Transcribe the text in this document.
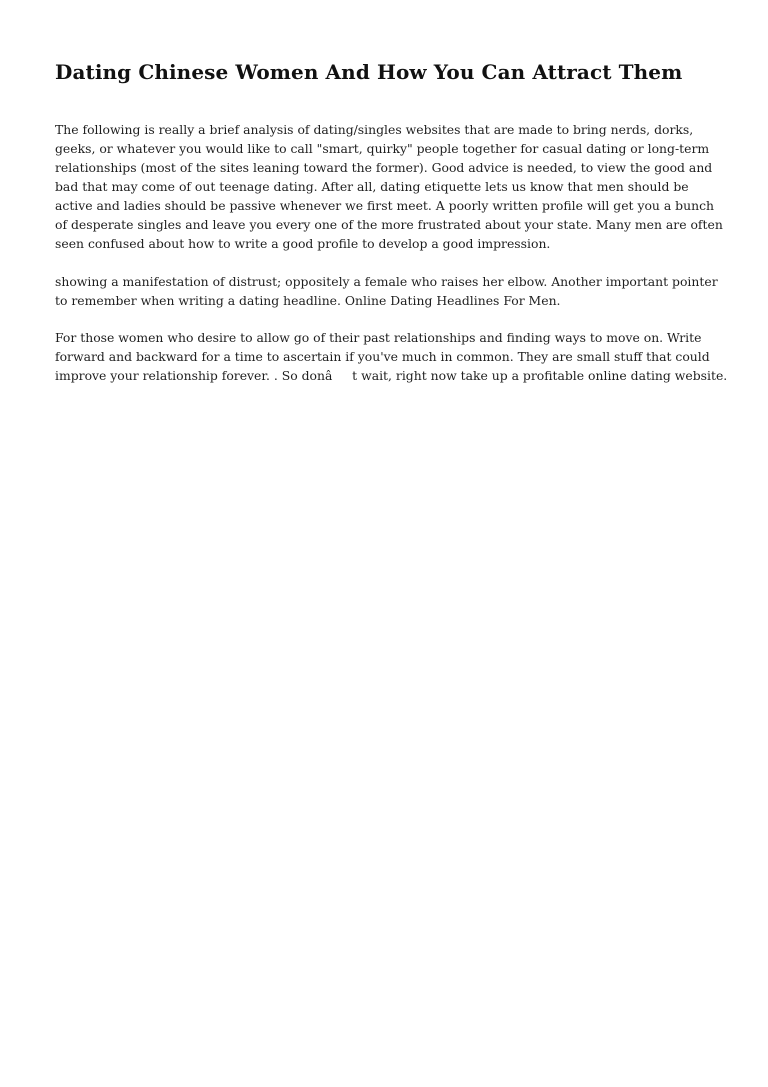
Dating Chinese Women And How You Can Attract Them

The following is really a brief analysis of dating/singles websites that are made to bring nerds, dorks, geeks, or whatever you would like to call "smart, quirky" people together for casual dating or long-term relationships (most of the sites leaning toward the former). Good advice is needed, to view the good and bad that may come of out teenage dating. After all, dating etiquette lets us know that men should be active and ladies should be passive whenever we first meet. A poorly written profile will get you a bunch of desperate singles and leave you every one of the more frustrated about your state. Many men are often seen confused about how to write a good profile to develop a good impression.

showing a manifestation of distrust; oppositely a female who raises her elbow. Another important pointer to remember when writing a dating headline. Online Dating Headlines For Men.

For those women who desire to allow go of their past relationships and finding ways to move on. Write forward and backward for a time to ascertain if you've much in common. They are small stuff that could improve your relationship forever. . So donât wait, right now take up a profitable online dating website.
